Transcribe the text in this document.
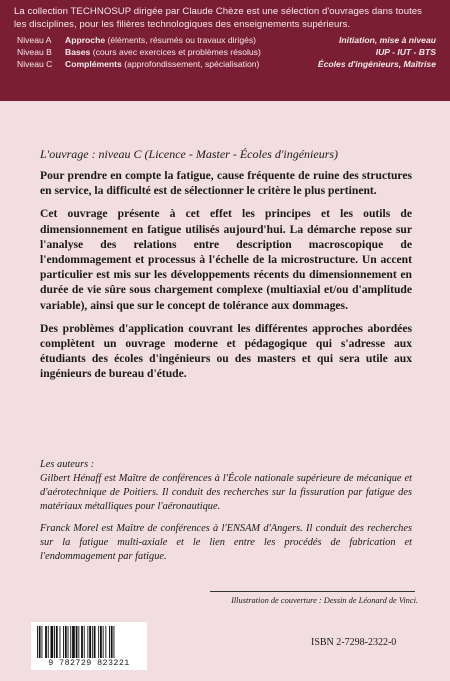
La collection TECHNOSUP dirigée par Claude Chèze est une sélection d'ouvrages dans toutes les disciplines, pour les filières technologiques des enseignements supérieurs.

Niveau A	Approche (éléments, résumés ou travaux dirigés)	Initiation, mise à niveau
Niveau B	Bases (cours avec exercices et problèmes résolus)	IUP - IUT - BTS
Niveau C	Compléments (approfondissement, spécialisation)	Écoles d'ingénieurs, Maîtrise

L'ouvrage : niveau C (Licence - Master - Écoles d'ingénieurs)

Pour prendre en compte la fatigue, cause fréquente de ruine des structures en service, la difficulté est de sélectionner le critère le plus pertinent.

Cet ouvrage présente à cet effet les principes et les outils de dimensionnement en fatigue utilisés aujourd'hui. La démarche repose sur l'analyse des relations entre description macroscopique de l'endommagement et processus à l'échelle de la microstructure. Un accent particulier est mis sur les développements récents du dimensionnement en durée de vie sûre sous chargement complexe (multiaxial et/ou d'amplitude variable), ainsi que sur le concept de tolérance aux dommages.

Des problèmes d'application couvrant les différentes approches abordées complètent un ouvrage moderne et pédagogique qui s'adresse aux étudiants des écoles d'ingénieurs ou des masters et qui sera utile aux ingénieurs de bureau d'étude.

Les auteurs :

Gilbert Hénaff est Maître de conférences à l'École nationale supérieure de mécanique et d'aérotechnique de Poitiers. Il conduit des recherches sur la fissuration par fatigue des matériaux métalliques pour l'aéronautique.

Franck Morel est Maître de conférences à l'ENSAM d'Angers. Il conduit des recherches sur la fatigue multi-axiale et le lien entre les procédés de fabrication et l'endommagement par fatigue.

Illustration de couverture : Dessin de Léonard de Vinci.
9 782729 823221
ISBN 2-7298-2322-0
